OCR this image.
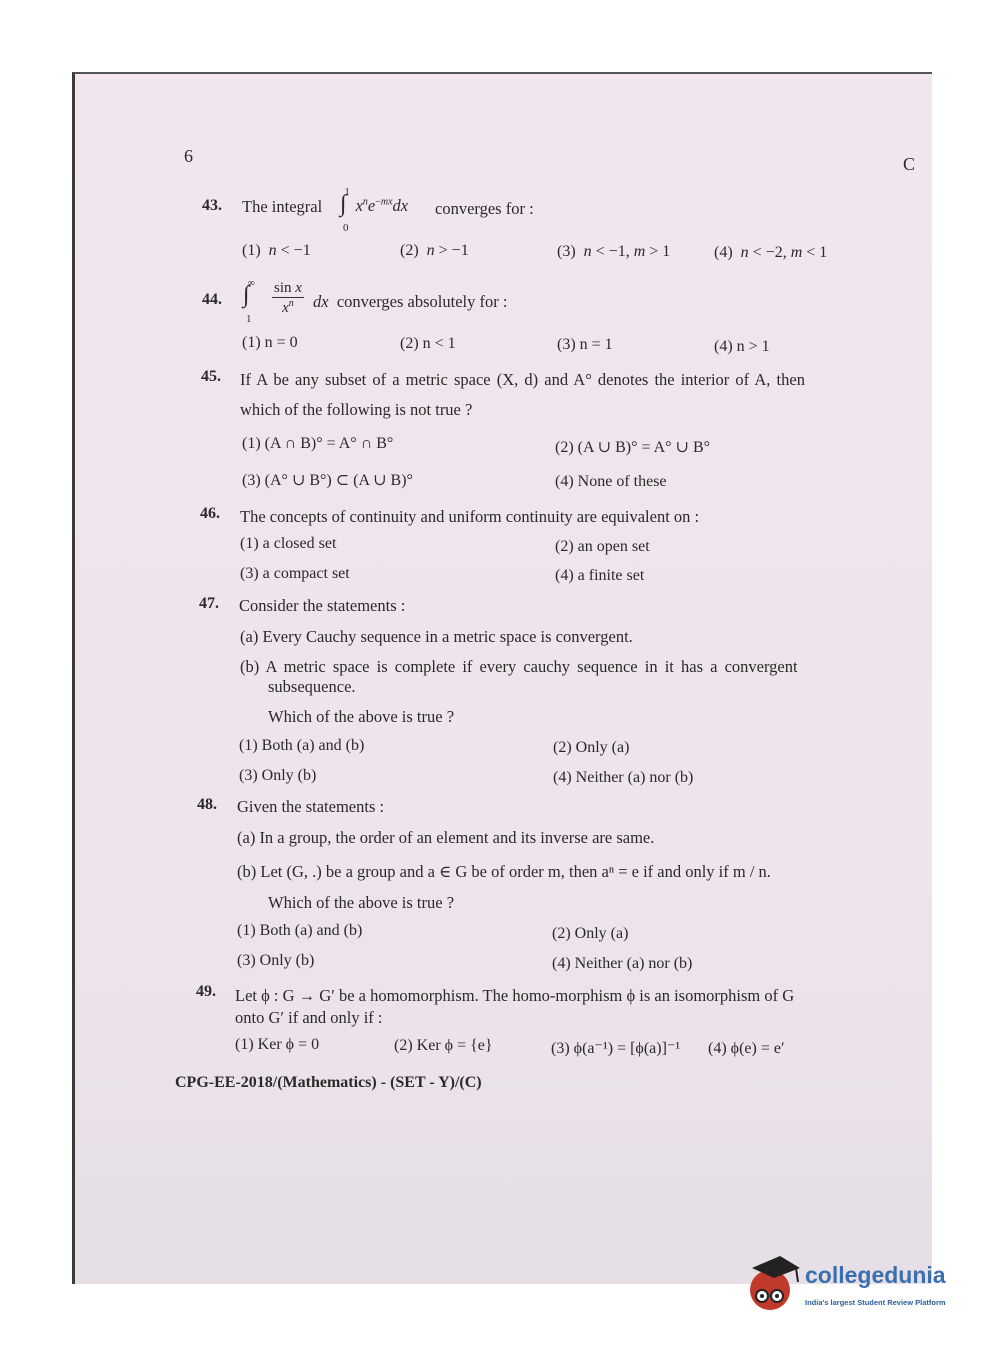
6	C
43. The integral ∫$^1$ $x^ne^{-mx}dx$
0
converges for :
(1) n < −1	(2) n > −1	(3) n < −1, m > 1	(4) n < −2, m < 1
44. ∫∞
1
sin x
$x^n$	dx converges absolutely for :
(1) n = 0	(2) n < 1	(3) n = 1	(4) n > 1
45. If A be any subset of a metric space (X, d) and A° denotes the interior of A, then
which of the following is not true ?
(1) (A ∩ B)° = A° ∩ B°	(2) (A ∪ B)° = A° ∪ B°
(3) (A° ∪ B°) ⊂ (A ∪ B)°	(4) None of these
46. The concepts of continuity and uniform continuity are equivalent on :
(1) a closed set	(2) an open set
(3) a compact set	(4) a finite set
47. Consider the statements :
(a) Every Cauchy sequence in a metric space is convergent.
(b) A metric space is complete if every cauchy sequence in it has a convergent
subsequence.
Which of the above is true ?
(1) Both (a) and (b)	(2) Only (a)
(3) Only (b)	(4) Neither (a) nor (b)
48. Given the statements :
(a) In a group, the order of an element and its inverse are same.
(b) Let (G, .) be a group and a ∈ G be of order m, then aⁿ = e if and only if m / n.
Which of the above is true ?
(1) Both (a) and (b)	(2) Only (a)
(3) Only (b)	(4) Neither (a) nor (b)
49. Let ϕ : G → G′ be a homomorphism. The homo-morphism ϕ is an isomorphism of G
onto G′ if and only if :
(1) Ker ϕ = 0	(2) Ker ϕ = {e}	(3) ϕ(a⁻¹) = [ϕ(a)]⁻¹ (4) ϕ(e) = e′
CPG-EE-2018/(Mathematics) - (SET - Y)/(C)
collegedunia
India's largest Student Review Platform
